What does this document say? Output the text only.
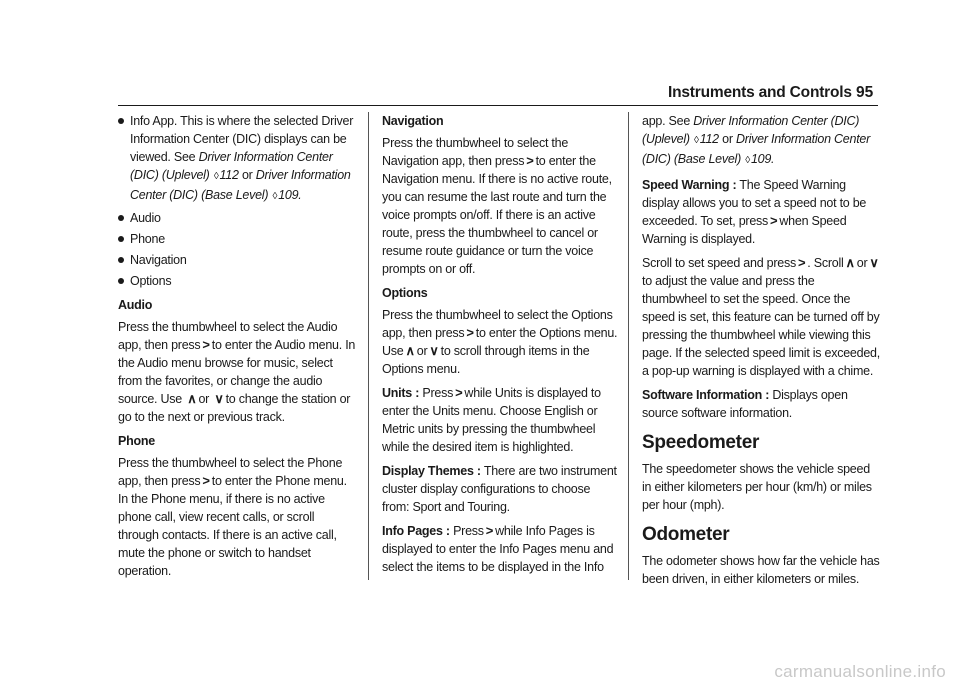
Instruments and Controls 95
Info App. This is where the selected Driver Information Center (DIC) displays can be viewed. See Driver Information Center (DIC) (Uplevel) ◊112 or Driver Information Center (DIC) (Base Level) ◊109.
Audio
Phone
Navigation
Options

Audio

Press the thumbwheel to select the Audio app, then press > to enter the Audio menu. In the Audio menu browse for music, select from the favorites, or change the audio source. Use ∧ or ∨ to change the station or go to the next or previous track.

Phone

Press the thumbwheel to select the Phone app, then press > to enter the Phone menu. In the Phone menu, if there is no active phone call, view recent calls, or scroll through contacts. If there is an active call, mute the phone or switch to handset operation.

Navigation

Press the thumbwheel to select the Navigation app, then press > to enter the Navigation menu. If there is no active route, you can resume the last route and turn the voice prompts on/off. If there is an active route, press the thumbwheel to cancel or resume route guidance or turn the voice prompts on or off.

Options

Press the thumbwheel to select the Options app, then press > to enter the Options menu. Use ∧ or ∨ to scroll through items in the Options menu.

Units : Press > while Units is displayed to enter the Units menu. Choose English or Metric units by pressing the thumbwheel while the desired item is highlighted.

Display Themes : There are two instrument cluster display configurations to choose from: Sport and Touring.

Info Pages : Press > while Info Pages is displayed to enter the Info Pages menu and select the items to be displayed in the Info

app. See Driver Information Center (DIC) (Uplevel) ◊112 or Driver Information Center (DIC) (Base Level) ◊109.

Speed Warning : The Speed Warning display allows you to set a speed not to be exceeded. To set, press > when Speed Warning is displayed.

Scroll to set speed and press > . Scroll ∧ or ∨to adjust the value and press the thumbwheel to set the speed. Once the speed is set, this feature can be turned off by pressing the thumbwheel while viewing this page. If the selected speed limit is exceeded, a pop-up warning is displayed with a chime.

Software Information : Displays open source software information.

Speedometer

The speedometer shows the vehicle speed in either kilometers per hour (km/h) or miles per hour (mph).

Odometer

The odometer shows how far the vehicle has been driven, in either kilometers or miles.

carmanualsonline.info
